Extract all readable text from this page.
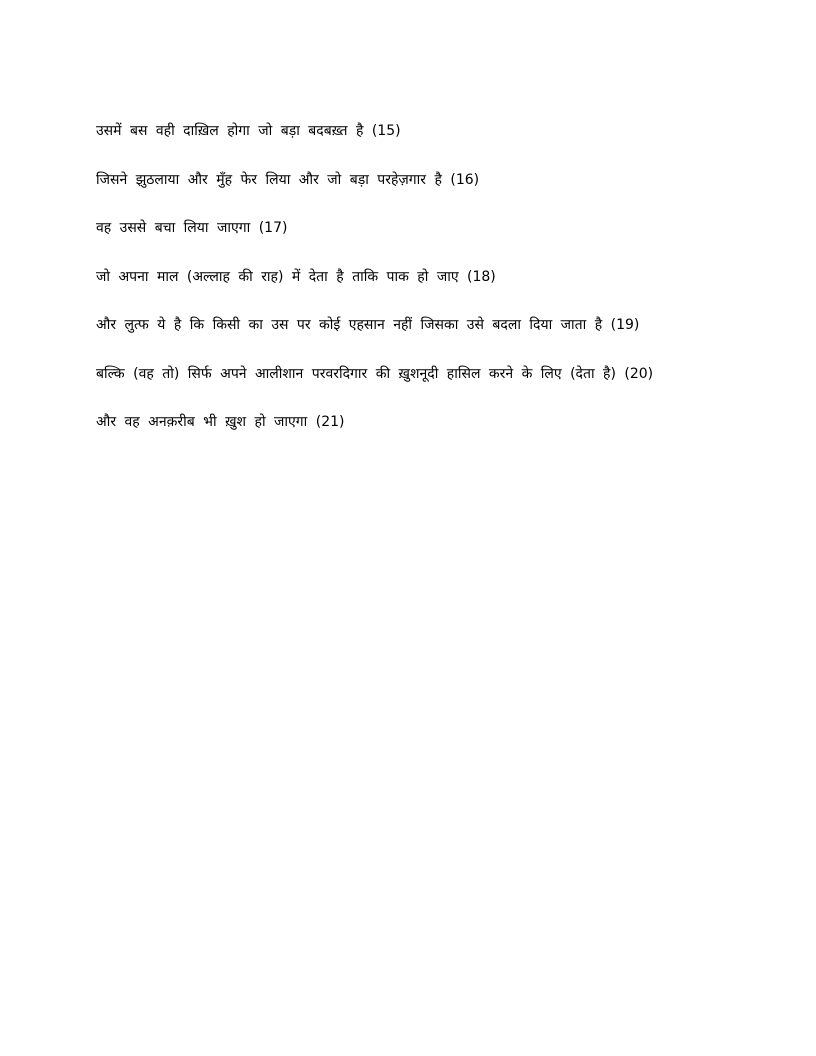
उसमें बस वही दाख़िल होगा जो बड़ा बदबख़्त है (15)

जिसने झुठलाया और मुँह फेर लिया और जो बड़ा परहेज़गार है (16)

वह उससे बचा लिया जाएगा (17)

जो अपना माल (अल्लाह की राह) में देता है ताकि पाक हो जाए (18)

और लुत्फ ये है कि किसी का उस पर कोई एहसान नहीं जिसका उसे बदला दिया जाता है (19)

बल्कि (वह तो) सिर्फ अपने आलीशान परवरदिगार की ख़ुशनूदी हासिल करने के लिए (देता है) (20)

और वह अनक़रीब भी ख़ुश हो जाएगा (21)
